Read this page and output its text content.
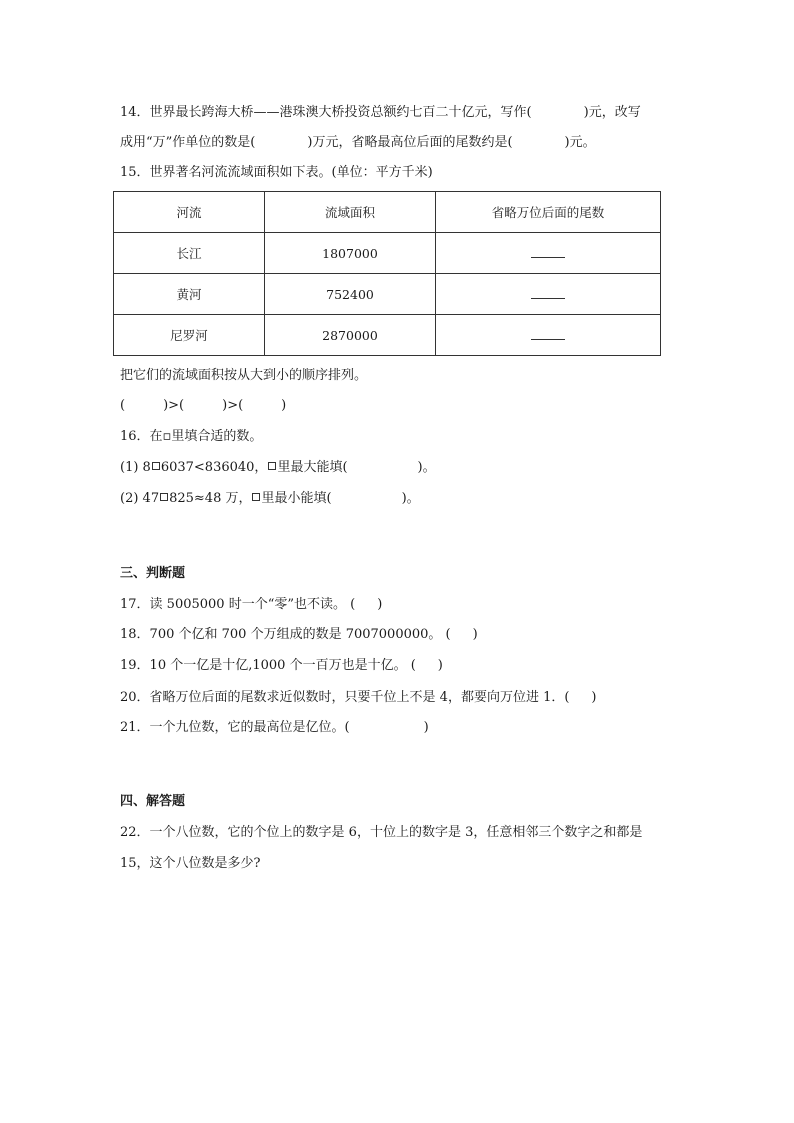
14．世界最长跨海大桥——港珠澳大桥投资总额约七百二十亿元，写作(	)元，改写
成用“万”作单位的数是(	)万元，省略最高位后面的尾数约是(	)元。
15．世界著名河流流域面积如下表。(单位：平方千米)
河流	流域面积	省略万位后面的尾数
长江	1807000	
黄河	752400	
尼罗河	2870000	
把它们的流域面积按从大到小的顺序排列。
(	)>(	)>(	)
16．在▫里填合适的数。
(1) 8 6037<836040， 里最大能填(	)。
(2) 47 825≈48 万， 里最小能填(	)。
三、判断题
17．读 5005000 时一个“零”也不读。 ( )
18．700 个亿和 700 个万组成的数是 7007000000。 ( )
19．10 个一亿是十亿,1000 个一百万也是十亿。 ( )
20．省略万位后面的尾数求近似数时，只要千位上不是 4，都要向万位进 1．( )
21．一个九位数，它的最高位是亿位。(	)
四、解答题
22．一个八位数，它的个位上的数字是 6，十位上的数字是 3，任意相邻三个数字之和都是
15，这个八位数是多少?
